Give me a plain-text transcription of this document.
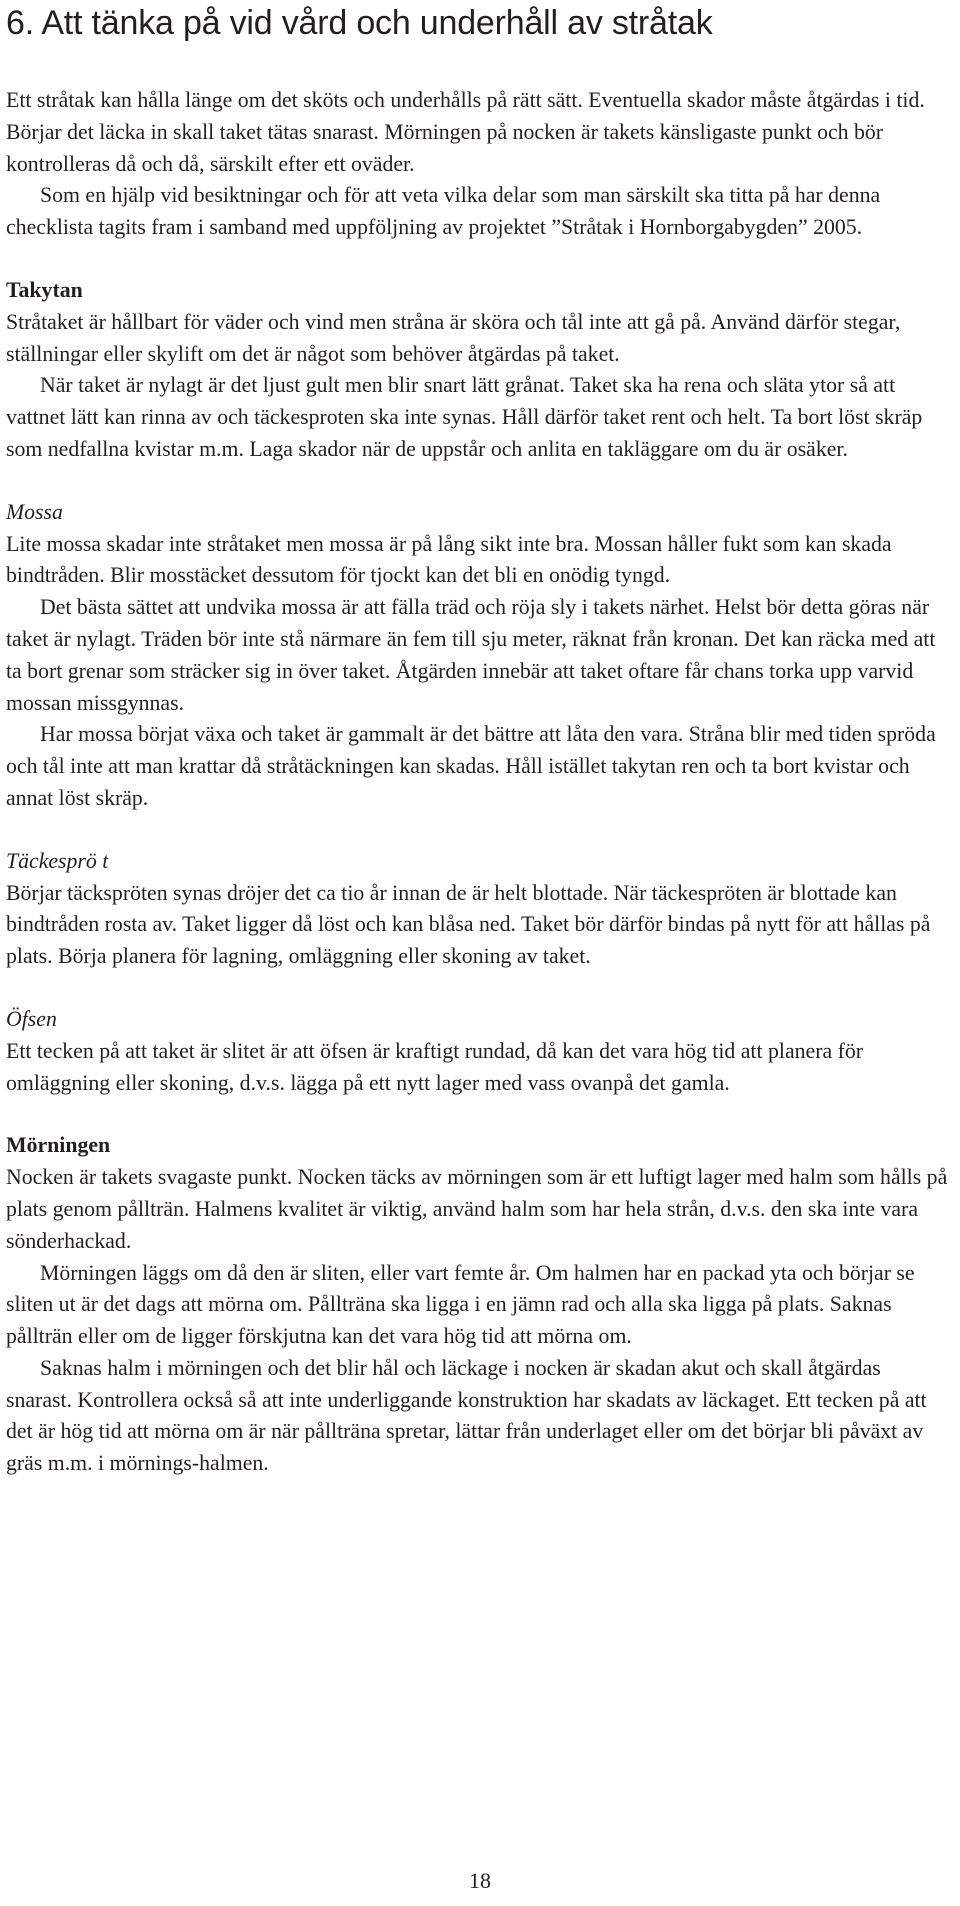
6. Att tänka på vid vård och underhåll av stråtak

Ett stråtak kan hålla länge om det sköts och underhålls på rätt sätt. Eventuella skador måste åtgärdas i tid. Börjar det läcka in skall taket tätas snarast. Mörningen på nocken är takets känsligaste punkt och bör kontrolleras då och då, särskilt efter ett oväder.

Som en hjälp vid besiktningar och för att veta vilka delar som man särskilt ska titta på har denna checklista tagits fram i samband med uppföljning av projektet ”Stråtak i Hornborgabygden” 2005.

Takytan

Stråtaket är hållbart för väder och vind men stråna är sköra och tål inte att gå på. Använd därför stegar, ställningar eller skylift om det är något som behöver åtgärdas på taket.

När taket är nylagt är det ljust gult men blir snart lätt grånat. Taket ska ha rena och släta ytor så att vattnet lätt kan rinna av och täckesproten ska inte synas. Håll därför taket rent och helt. Ta bort löst skräp som nedfallna kvistar m.m. Laga skador när de uppstår och anlita en takläggare om du är osäker.

Mossa

Lite mossa skadar inte stråtaket men mossa är på lång sikt inte bra. Mossan håller fukt som kan skada bindtråden. Blir mosstäcket dessutom för tjockt kan det bli en onödig tyngd.

Det bästa sättet att undvika mossa är att fälla träd och röja sly i takets närhet. Helst bör detta göras när taket är nylagt. Träden bör inte stå närmare än fem till sju meter, räknat från kronan. Det kan räcka med att ta bort grenar som sträcker sig in över taket. Åtgärden innebär att taket oftare får chans torka upp varvid mossan missgynnas.

Har mossa börjat växa och taket är gammalt är det bättre att låta den vara. Stråna blir med tiden spröda och tål inte att man krattar då stråtäckningen kan skadas. Håll istället takytan ren och ta bort kvistar och annat löst skräp.

Täckesprö t

Börjar täckspröten synas dröjer det ca tio år innan de är helt blottade. När täckespröten är blottade kan bindtråden rosta av. Taket ligger då löst och kan blåsa ned. Taket bör därför bindas på nytt för att hållas på plats. Börja planera för lagning, omläggning eller skoning av taket.

Öfsen

Ett tecken på att taket är slitet är att öfsen är kraftigt rundad, då kan det vara hög tid att planera för omläggning eller skoning, d.v.s. lägga på ett nytt lager med vass ovanpå det gamla.

Mörningen

Nocken är takets svagaste punkt. Nocken täcks av mörningen som är ett luftigt lager med halm som hålls på plats genom pållträn. Halmens kvalitet är viktig, använd halm som har hela strån, d.v.s. den ska inte vara sönderhackad.

Mörningen läggs om då den är sliten, eller vart femte år. Om halmen har en packad yta och börjar se sliten ut är det dags att mörna om. Pållträna ska ligga i en jämn rad och alla ska ligga på plats. Saknas pållträn eller om de ligger förskjutna kan det vara hög tid att mörna om.

Saknas halm i mörningen och det blir hål och läckage i nocken är skadan akut och skall åtgärdas snarast. Kontrollera också så att inte underliggande konstruktion har skadats av läckaget. Ett tecken på att det är hög tid att mörna om är när pållträna spretar, lättar från underlaget eller om det börjar bli påväxt av gräs m.m. i mörnings-halmen.

18
